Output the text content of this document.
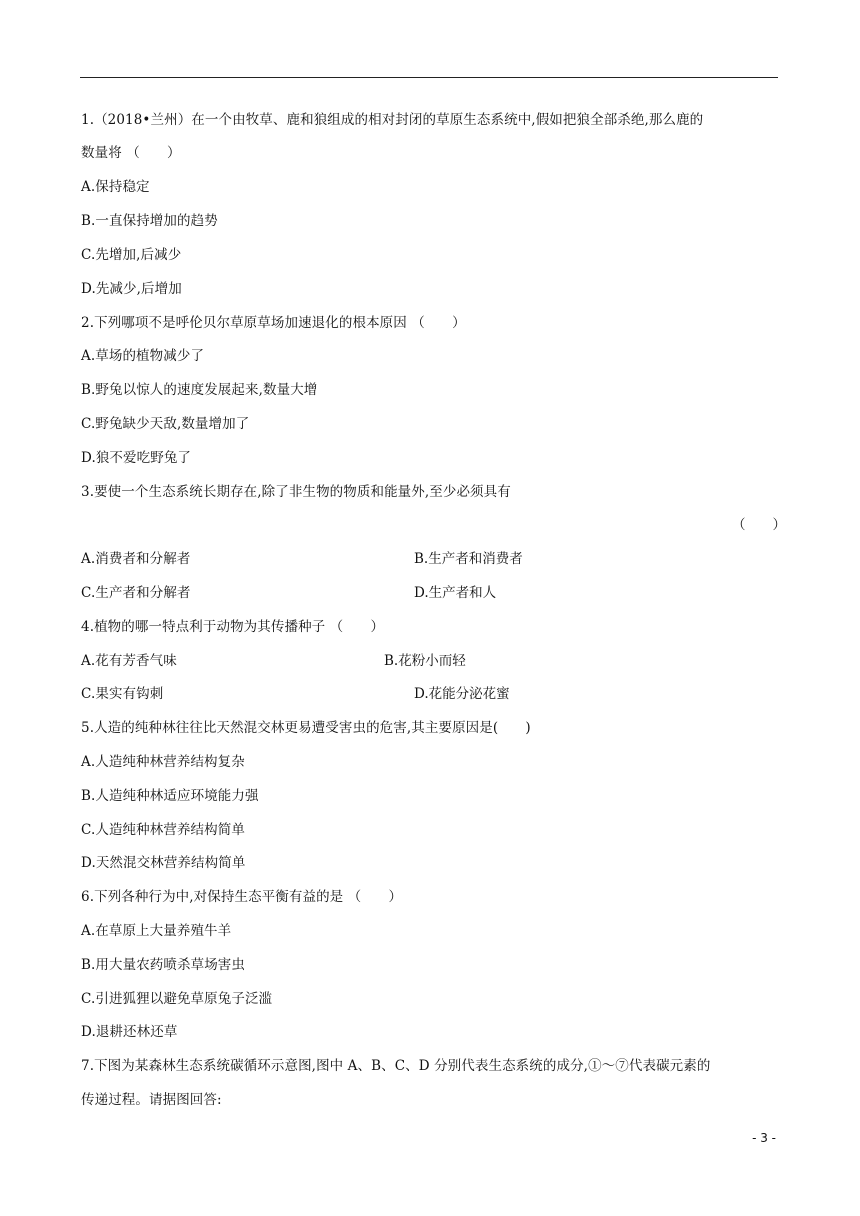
1.（2018•兰州）在一个由牧草、鹿和狼组成的相对封闭的草原生态系统中,假如把狼全部杀绝,那么鹿的
数量将 （　　）
A.保持稳定
B.一直保持增加的趋势
C.先增加,后减少
D.先减少,后增加
2.下列哪项不是呼伦贝尔草原草场加速退化的根本原因 （　　）
A.草场的植物减少了
B.野兔以惊人的速度发展起来,数量大增
C.野兔缺少天敌,数量增加了
D.狼不爱吃野兔了
3.要使一个生态系统长期存在,除了非生物的物质和能量外,至少必须具有
（　　）
A.消费者和分解者	B.生产者和消费者
C.生产者和分解者	D.生产者和人
4.植物的哪一特点利于动物为其传播种子 （　　）
A.花有芳香气味	B.花粉小而轻
C.果实有钩刺	D.花能分泌花蜜
5.人造的纯种林往往比天然混交林更易遭受害虫的危害,其主要原因是(　　)
A.人造纯种林营养结构复杂
B.人造纯种林适应环境能力强
C.人造纯种林营养结构简单
D.天然混交林营养结构简单
6.下列各种行为中,对保持生态平衡有益的是 （　　）
A.在草原上大量养殖牛羊
B.用大量农药喷杀草场害虫
C.引进狐狸以避免草原兔子泛滥
D.退耕还林还草
7.下图为某森林生态系统碳循环示意图,图中 A、B、C、D 分别代表生态系统的成分,①～⑦代表碳元素的
传递过程。请据图回答:
- 3 -
